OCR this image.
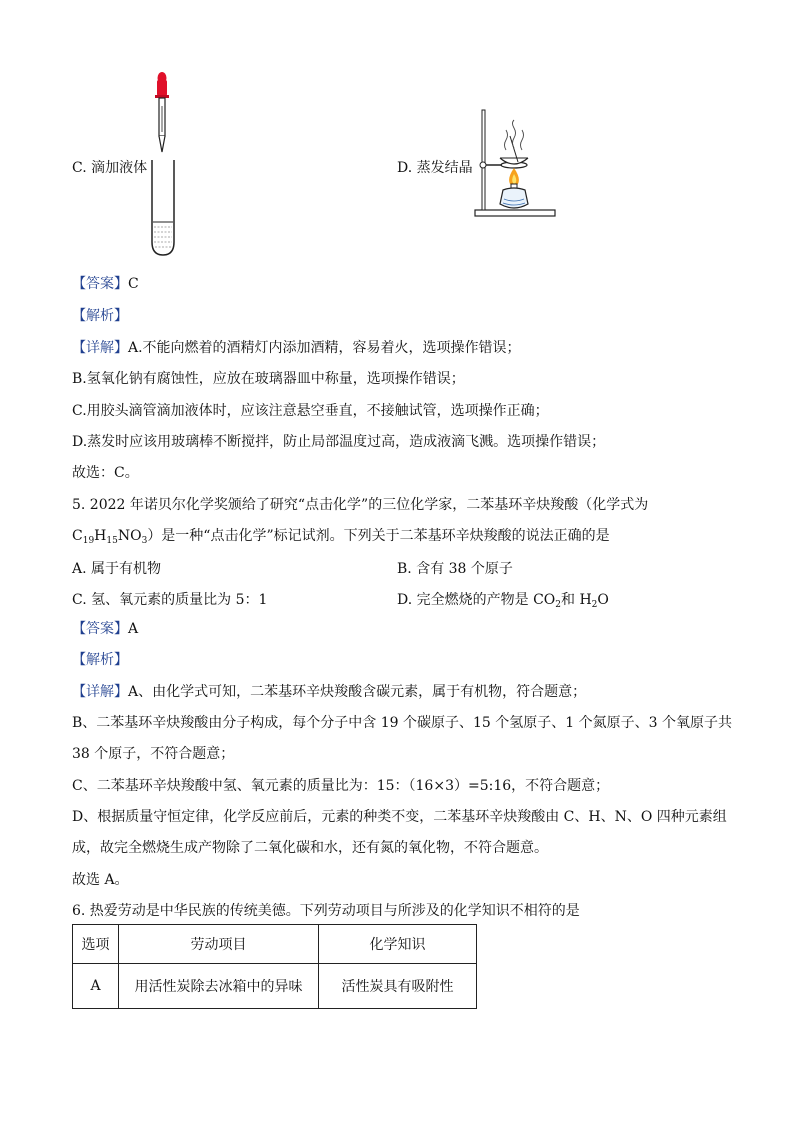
C. 滴加液体	D. 蒸发结晶
【答案】C
【解析】
【详解】A.不能向燃着的酒精灯内添加酒精，容易着火，选项操作错误；
B.氢氧化钠有腐蚀性，应放在玻璃器皿中称量，选项操作错误；
C.用胶头滴管滴加液体时，应该注意悬空垂直，不接触试管，选项操作正确；
D.蒸发时应该用玻璃棒不断搅拌，防止局部温度过高，造成液滴飞溅。选项操作错误；
故选：C。
5. 2022 年诺贝尔化学奖颁给了研究“点击化学”的三位化学家，二苯基环辛炔羧酸（化学式为
$C_{19}H_{15}NO_3$）是一种“点击化学”标记试剂。下列关于二苯基环辛炔羧酸的说法正确的是
A. 属于有机物	B. 含有 38 个原子
C. 氢、氧元素的质量比为 5：1	D. 完全燃烧的产物是 $CO_2$和 $H_2O$
【答案】A
【解析】
【详解】A、由化学式可知，二苯基环辛炔羧酸含碳元素，属于有机物，符合题意；
B、二苯基环辛炔羧酸由分子构成，每个分子中含 19 个碳原子、15 个氢原子、1 个氮原子、3 个氧原子共
38 个原子，不符合题意；
C、二苯基环辛炔羧酸中氢、氧元素的质量比为：15：（16×3）=5:16，不符合题意；
D、根据质量守恒定律，化学反应前后，元素的种类不变，二苯基环辛炔羧酸由 C、H、N、O 四种元素组
成，故完全燃烧生成产物除了二氧化碳和水，还有氮的氧化物，不符合题意。
故选 A。
6. 热爱劳动是中华民族的传统美德。下列劳动项目与所涉及的化学知识不相符的是
选项	劳动项目	化学知识
A	用活性炭除去冰箱中的异味	活性炭具有吸附性
